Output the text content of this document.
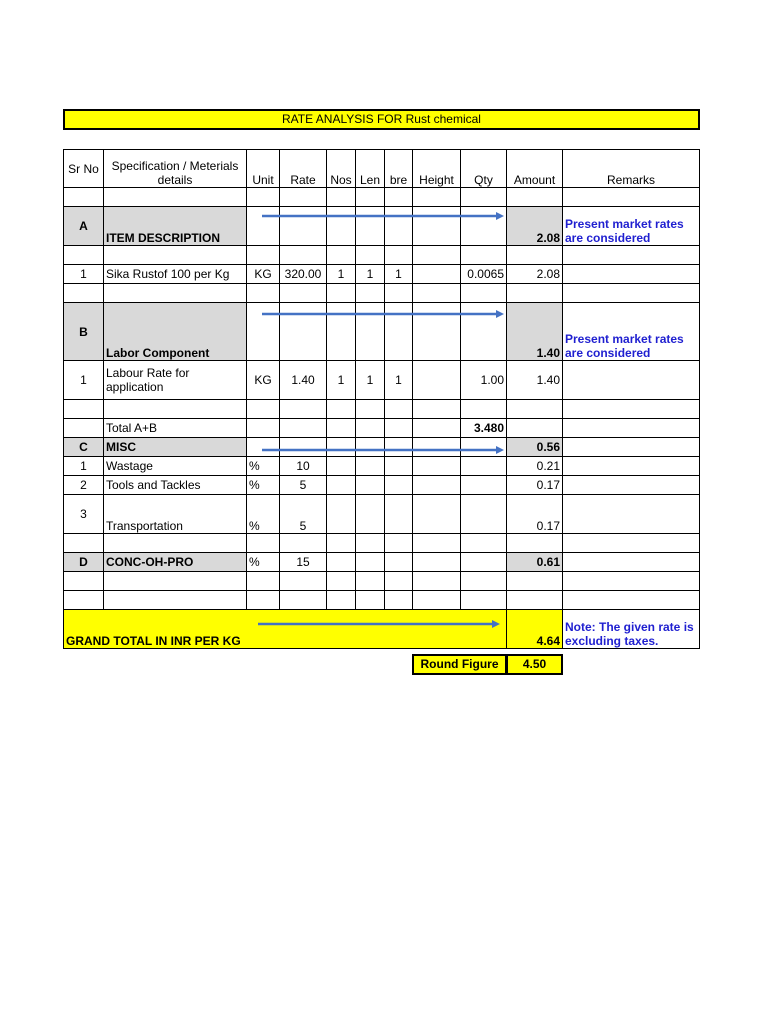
RATE ANALYSIS FOR Rust chemical
Sr No	Specification / Meterials details	Unit	Rate	Nos	Len	bre	Height	Qty	Amount	Remarks

A	ITEM DESCRIPTION								2.08	Present market rates are considered

1	Sika Rustof 100 per Kg	KG	320.00	1	1	1		0.0065	2.08	

B	Labor Component								1.40	Present market rates are considered
1	Labour Rate for application	KG	1.40	1	1	1		1.00	1.40	

	Total A+B							3.480		
C	MISC								0.56	
1	Wastage	%	10						0.21	
2	Tools and Tackles	%	5						0.17	
3	Transportation	%	5						0.17	

D	CONC-OH-PRO	%	15						0.61	

GRAND TOTAL IN INR PER KG									4.64	Note: The given rate is excluding taxes.
Round Figure	4.50
